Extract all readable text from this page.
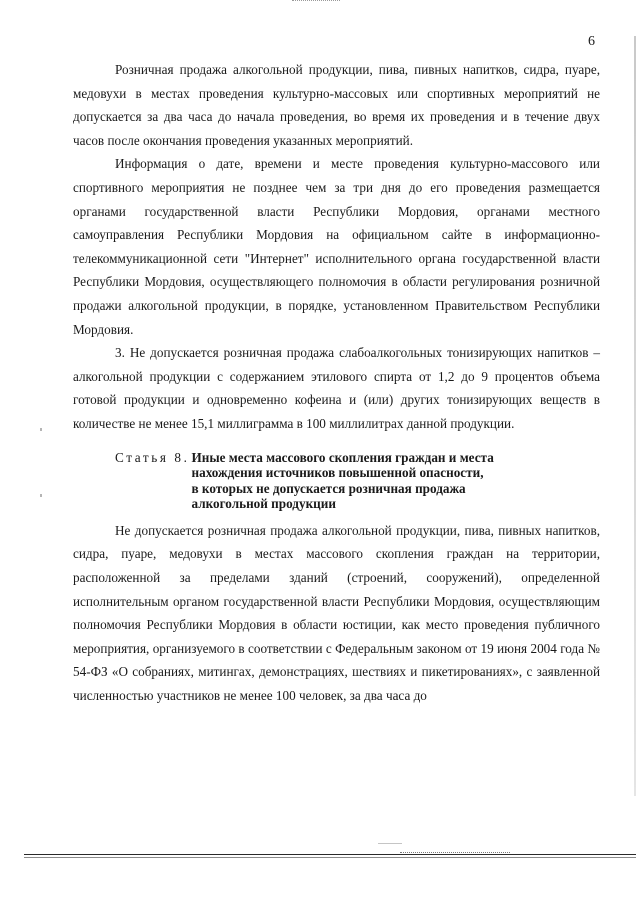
6

Розничная продажа алкогольной продукции, пива, пивных напитков, сидра, пуаре, медовухи в местах проведения культурно-массовых или спортивных мероприятий не допускается за два часа до начала проведения, во время их проведения и в течение двух часов после окончания проведения указанных мероприятий.

Информация о дате, времени и месте проведения культурно-массового или спортивного мероприятия не позднее чем за три дня до его проведения размещается органами государственной власти Республики Мордовия, органами местного самоуправления Республики Мордовия на официальном сайте в информационно-телекоммуникационной сети "Интернет" исполнительного органа государственной власти Республики Мордовия, осуществляющего полномочия в области регулирования розничной продажи алкогольной продукции, в порядке, установленном Правительством Республики Мордовия.

3. Не допускается розничная продажа слабоалкогольных тонизирующих напитков – алкогольной продукции с содержанием этилового спирта от 1,2 до 9 процентов объема готовой продукции и одновременно кофеина и (или) других тонизирующих веществ в количестве не менее 15,1 миллиграмма в 100 миллилитрах данной продукции.

Статья 8. Иные места массового скопления граждан и места
нахождения источников повышенной опасности,
в которых не допускается розничная продажа
алкогольной продукции

Не допускается розничная продажа алкогольной продукции, пива, пивных напитков, сидра, пуаре, медовухи в местах массового скопления граждан на территории, расположенной за пределами зданий (строений, сооружений), определенной исполнительным органом государственной власти Республики Мордовия, осуществляющим полномочия Республики Мордовия в области юстиции, как место проведения публичного мероприятия, организуемого в соответствии с Федеральным законом от 19 июня 2004 года № 54-ФЗ «О собраниях, митингах, демонстрациях, шествиях и пикетированиях», с заявленной численностью участников не менее 100 человек, за два часа до
